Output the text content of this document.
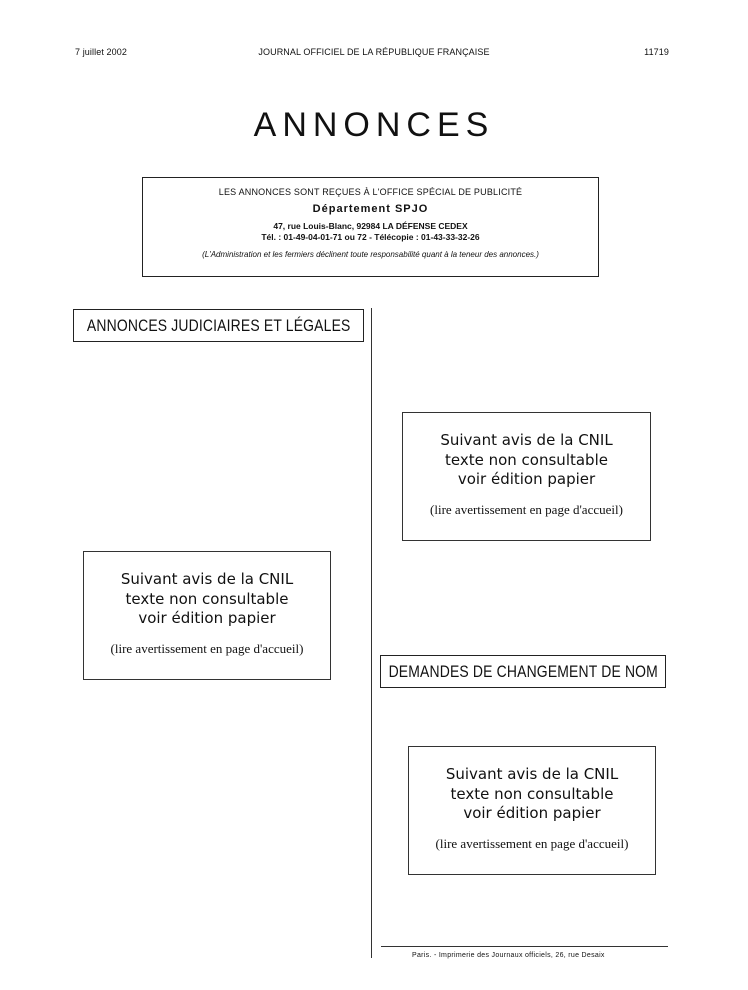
7 juillet 2002	JOURNAL OFFICIEL DE LA RÉPUBLIQUE FRANÇAISE	11719
ANNONCES
LES ANNONCES SONT REÇUES À L'OFFICE SPÉCIAL DE PUBLICITÉ
Département SPJO
47, rue Louis-Blanc, 92984 LA DÉFENSE CEDEX
Tél. : 01-49-04-01-71 ou 72 - Télécopie : 01-43-33-32-26
(L'Administration et les fermiers déclinent toute responsabilité quant à la teneur des annonces.)
ANNONCES JUDICIAIRES ET LÉGALES
Suivant avis de la CNIL
texte non consultable
voir édition papier
(lire avertissement en page d'accueil)
Suivant avis de la CNIL
texte non consultable
voir édition papier
(lire avertissement en page d'accueil)
DEMANDES DE CHANGEMENT DE NOM
Suivant avis de la CNIL
texte non consultable
voir édition papier
(lire avertissement en page d'accueil)
Paris. - Imprimerie des Journaux officiels, 26, rue Desaix
